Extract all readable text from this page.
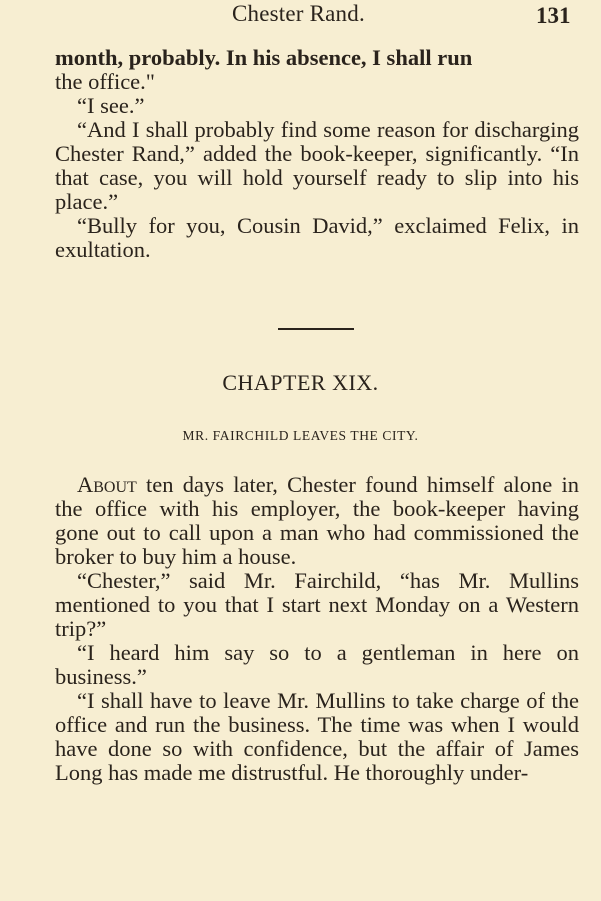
Chester Rand.	131

month, probably. In his absence, I shall run
the office."

“I see.”

“And I shall probably find some reason for discharging Chester Rand,” added the book-keeper, significantly. “In that case, you will hold yourself ready to slip into his place.”

“Bully for you, Cousin David,” exclaimed Felix, in exultation.

CHAPTER XIX.
MR. FAIRCHILD LEAVES THE CITY.

About ten days later, Chester found himself alone in the office with his employer, the book-keeper having gone out to call upon a man who had commissioned the broker to buy him a house.

“Chester,” said Mr. Fairchild, “has Mr. Mullins mentioned to you that I start next Monday on a Western trip?”

“I heard him say so to a gentleman in here on business.”

“I shall have to leave Mr. Mullins to take charge of the office and run the business. The time was when I would have done so with confidence, but the affair of James Long has made me distrustful. He thoroughly under-
